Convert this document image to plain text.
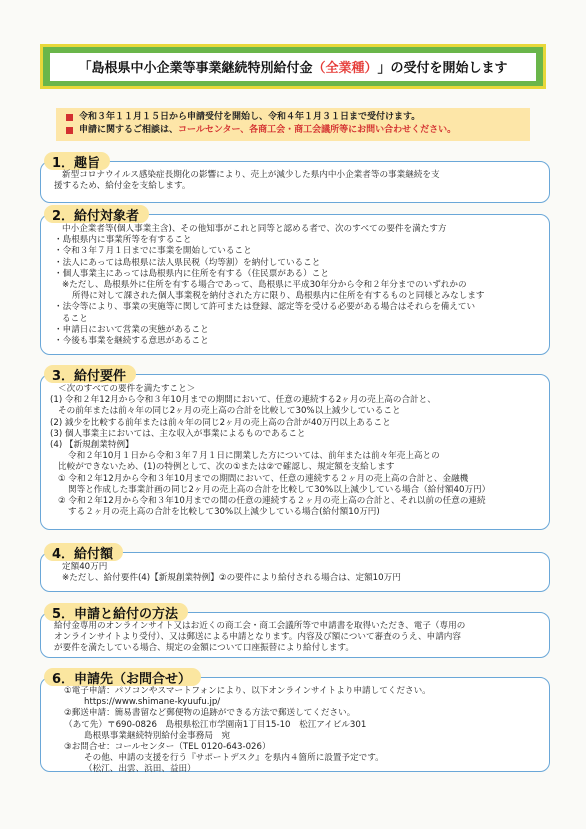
「島根県中小企業等事業継続特別給付金 （全業種） 」の受付を開始します
令和３年１１月１５日から申請受付を開始し、令和４年１月３１日まで受付けます。
申請に関するご相談は、 コールセンター、各商工会・商工会議所等にお問い合わせください。
1．趣旨
新型コロナウイルス感染症長期化の影響により、売上が減少した県内中小企業者等の事業継続を支
援するため、給付金を支給します。
2．給付対象者
中小企業者等(個人事業主含)、その他知事がこれと同等と認める者で、次のすべての要件を満たす方
・島根県内に事業所等を有すること
・令和３年７月１日までに事業を開始していること
・法人にあっては島根県に法人県民税（均等割）を納付していること
・個人事業主にあっては島根県内に住所を有する（住民票がある）こと
※ただし、島根県外に住所を有する場合であって、島根県に平成30年分から令和２年分までのいずれかの
所得に対して課された個人事業税を納付された方に限り、島根県内に住所を有するものと同様とみなします
・法令等により、事業の実施等に関して許可または登録、認定等を受ける必要がある場合はそれらを備えてい
ること
・申請日において営業の実態があること
・今後も事業を継続する意思があること
3．給付要件
＜次のすべての要件を満たすこと＞
(1) 令和２年12月から令和３年10月までの期間において、任意の連続する2ヶ月の売上高の合計と、
その前年または前々年の同じ2ヶ月の売上高の合計を比較して30%以上減少していること
(2) 減少を比較する前年または前々年の同じ2ヶ月の売上高の合計が40万円以上あること
(3) 個人事業主においては、主な収入が事業によるものであること
(4) 【新規創業特例】
令和２年10月１日から令和３年７月１日に開業した方については、前年または前々年売上高との
比較ができないため、(1)の特例として、次の①または②で確認し、規定額を支給します
① 令和２年12月から令和３年10月までの期間において、任意の連続する２ヶ月の売上高の合計と、金融機
関等と作成した事業計画の同じ2ヶ月の売上高の合計を比較して30%以上減少している場合（給付額40万円）
② 令和２年12月から令和３年10月までの間の任意の連続する２ヶ月の売上高の合計と、それ以前の任意の連続
する２ヶ月の売上高の合計を比較して30%以上減少している場合(給付額10万円)
4．給付額
定額40万円
※ただし、給付要件(4)【新規創業特例】②の要件により給付される場合は、定額10万円
5．申請と給付の方法
給付金専用のオンラインサイト又はお近くの商工会・商工会議所等で申請書を取得いただき、電子（専用の
オンラインサイトより受付）、又は郵送による申請となります。内容及び額について審査のうえ、申請内容
が要件を満たしている場合、規定の金額について口座振替により給付します。
6．申請先（お問合せ）
①電子申請：パソコンやスマートフォンにより、以下オンラインサイトより申請してください。
https://www.shimane-kyuufu.jp/
②郵送申請：簡易書留など郵便物の追跡ができる方法で郵送してください。
（あて先）〒690-0826　島根県松江市学園南1丁目15-10　松江アイビル301
島根県事業継続特別給付金事務局　宛
③お問合せ：コールセンター（TEL 0120-643-026）
その他、申請の支援を行う『サポートデスク』を県内４箇所に設置予定です。
（松江、出雲、浜田、益田）
